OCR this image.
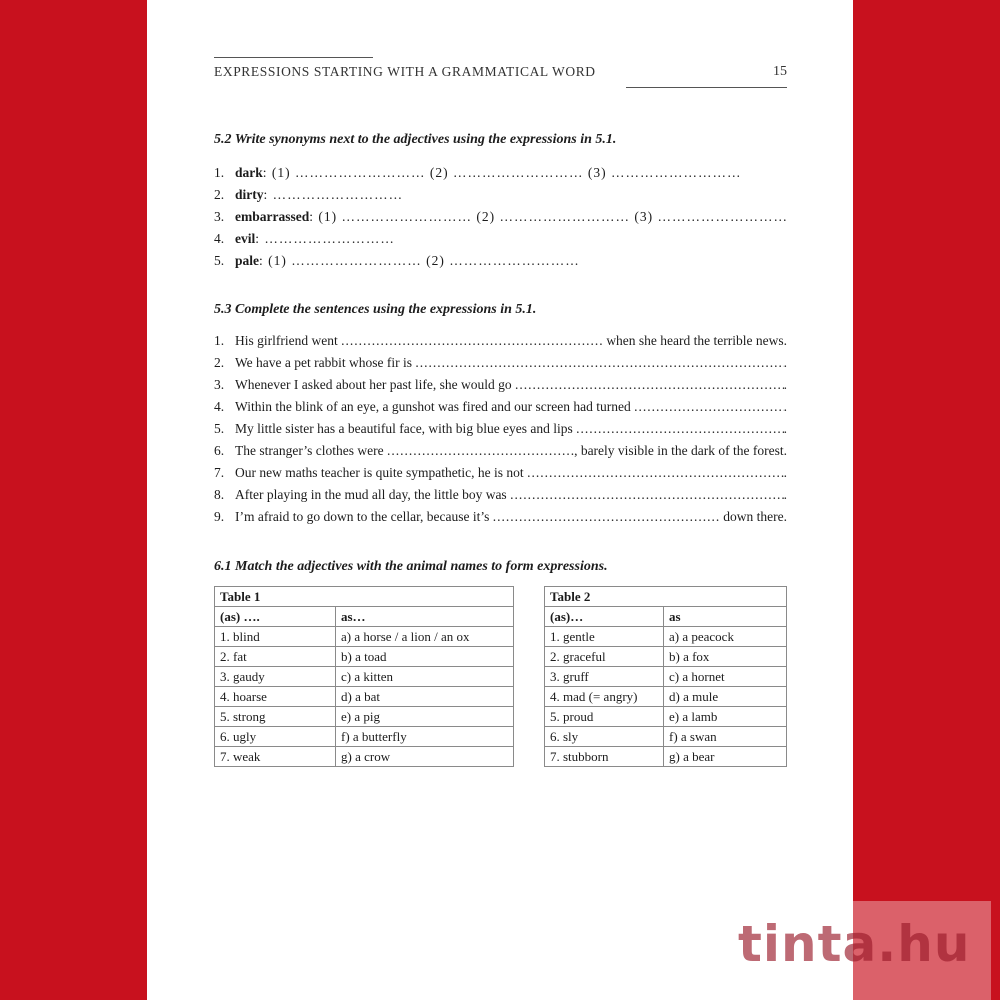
EXPRESSIONS STARTING WITH A GRAMMATICAL WORD	15
5.2 Write synonyms next to the adjectives using the expressions in 5.1.
1. dark: (1) ……………………… (2) ……………………… (3) ………………………
2. dirty: ………………………
3. embarrassed: (1) ……………………… (2) ……………………… (3) ………………………
4. evil: ………………………
5. pale: (1) ……………………… (2) ………………………
5.3 Complete the sentences using the expressions in 5.1.
1. His girlfriend went
.....
	when she heard the terrible news.
2. We have a pet rabbit whose fir is
.....	.
3. Whenever I asked about her past life, she would go
.....	.
4. Within the blink of an eye, a gunshot was fired and our screen had turned
.....	.
5. My little sister has a beautiful face, with big blue eyes and lips
.....	.
6. The stranger’s clothes were
.....	, barely visible in the dark of the forest.
7. Our new maths teacher is quite sympathetic, he is not
.....	.
8. After playing in the mud all day, the little boy was
.....	.
9. I’m afraid to go down to the cellar, because it’s
.....
	down there.
6.1 Match the adjectives with the animal names to form expressions.
Table 1	
(as) ….	as…
1. blind	a) a horse / a lion / an ox
2. fat	b) a toad
3. gaudy	c) a kitten
4. hoarse	d) a bat
5. strong	e) a pig
6. ugly	f) a butterfly
7. weak	g) a crow
Table 2	
(as)…	as
1. gentle	a) a peacock
2. graceful	b) a fox
3. gruff	c) a hornet
4. mad (= angry)	d) a mule
5. proud	e) a lamb
6. sly	f) a swan
7. stubborn	g) a bear
tinta.hu
